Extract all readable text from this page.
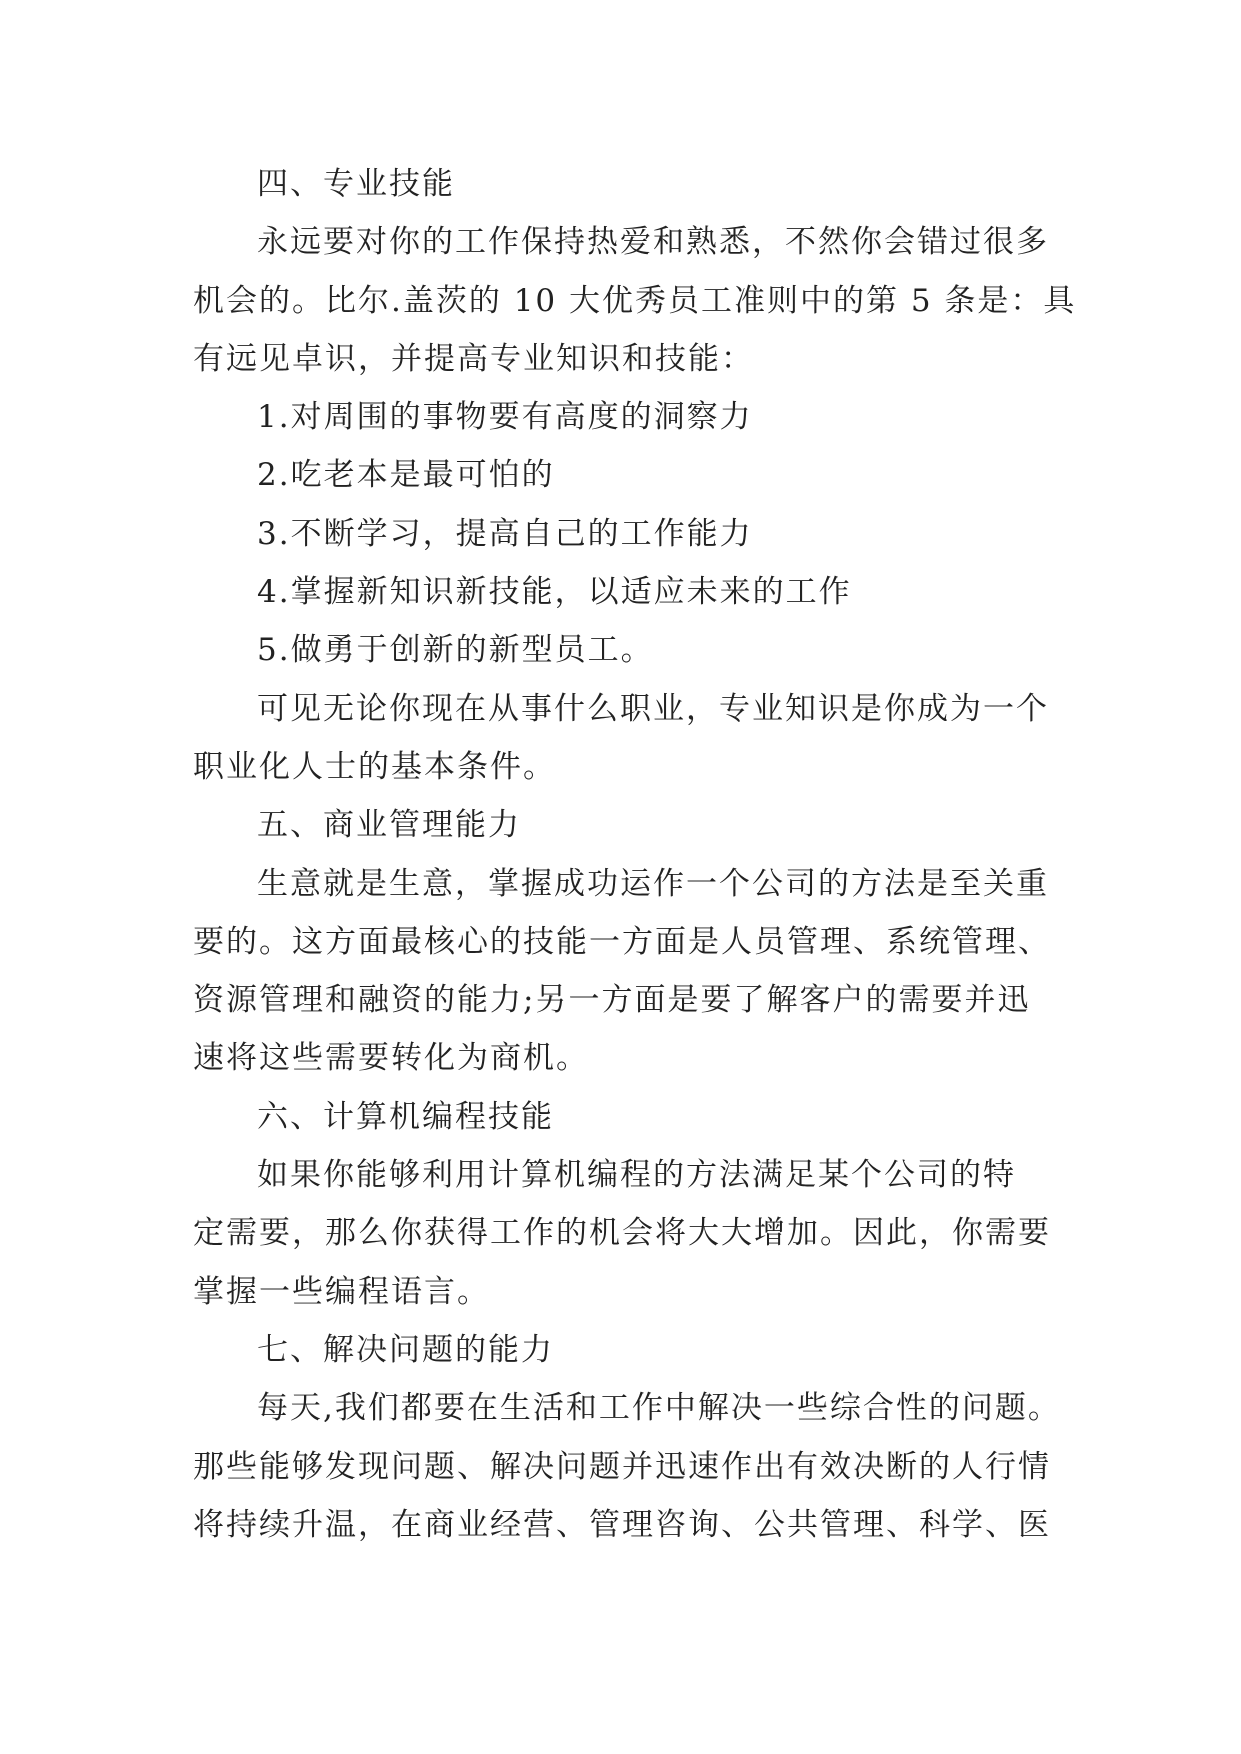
四、专业技能
永远要对你的工作保持热爱和熟悉，不然你会错过很多
机会的。比尔.盖茨的 10 大优秀员工准则中的第 5 条是：具
有远见卓识，并提高专业知识和技能：
1.对周围的事物要有高度的洞察力
2.吃老本是最可怕的
3.不断学习，提高自己的工作能力
4.掌握新知识新技能，以适应未来的工作
5.做勇于创新的新型员工。
可见无论你现在从事什么职业，专业知识是你成为一个
职业化人士的基本条件。
五、商业管理能力
生意就是生意，掌握成功运作一个公司的方法是至关重
要的。这方面最核心的技能一方面是人员管理、系统管理、
资源管理和融资的能力;另一方面是要了解客户的需要并迅
速将这些需要转化为商机。
六、计算机编程技能
如果你能够利用计算机编程的方法满足某个公司的特
定需要，那么你获得工作的机会将大大增加。因此，你需要
掌握一些编程语言。
七、解决问题的能力
每天,我们都要在生活和工作中解决一些综合性的问题。
那些能够发现问题、解决问题并迅速作出有效决断的人行情
将持续升温，在商业经营、管理咨询、公共管理、科学、医
